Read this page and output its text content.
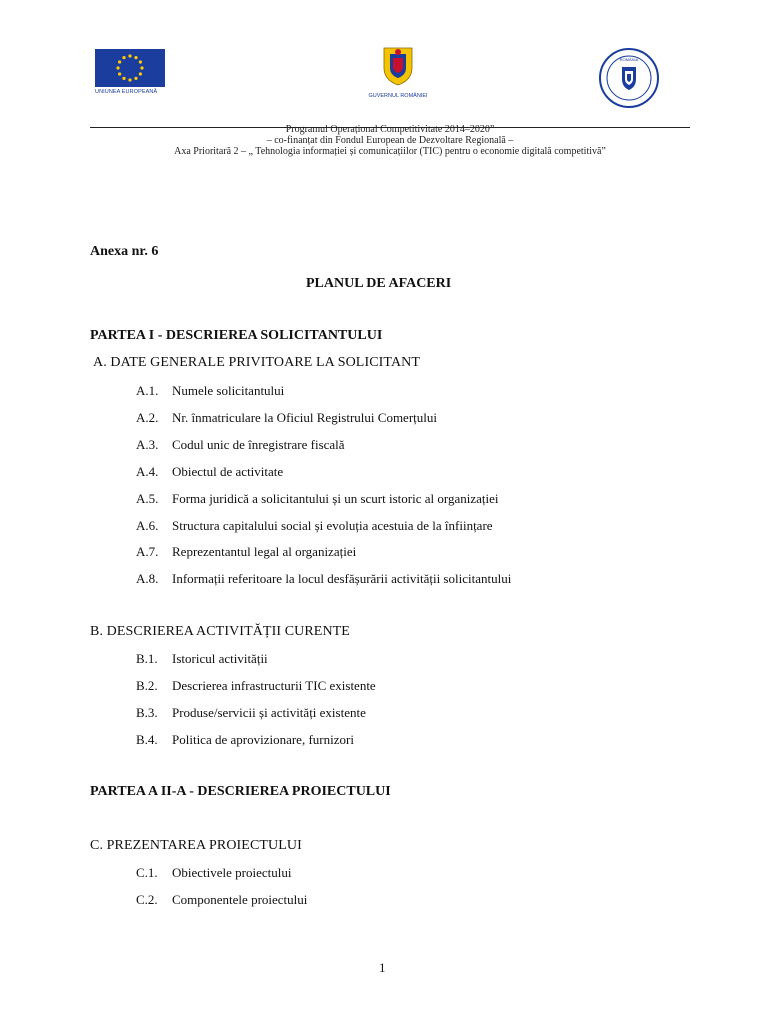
UNIUNEA EUROPEANĂ
GUVERNUL ROMÂNIEI
ROMÂNIA
Programul Operațional Competitivitate 2014–2020”
– co-finanțat din Fondul European de Dezvoltare Regională –
Axa Prioritară 2 – „ Tehnologia informației și comunicațiilor (TIC) pentru o economie digitală competitivă”
Anexa nr. 6
PLANUL DE AFACERI
PARTEA I - DESCRIEREA SOLICITANTULUI
A. DATE GENERALE PRIVITOARE LA SOLICITANT
A.1. Numele solicitantului
A.2. Nr. înmatriculare la Oficiul Registrului Comerțului
A.3. Codul unic de înregistrare fiscală
A.4. Obiectul de activitate
A.5. Forma juridică a solicitantului și un scurt istoric al organizației
A.6. Structura capitalului social și evoluția acestuia de la înființare
A.7. Reprezentantul legal al organizației
A.8. Informații referitoare la locul desfășurării activității solicitantului
B. DESCRIEREA ACTIVITĂȚII CURENTE
B.1. Istoricul activității
B.2. Descrierea infrastructurii TIC existente
B.3. Produse/servicii și activități existente
B.4. Politica de aprovizionare, furnizori
PARTEA A II-A - DESCRIEREA PROIECTULUI
C. PREZENTAREA PROIECTULUI
C.1. Obiectivele proiectului
C.2. Componentele proiectului
1
